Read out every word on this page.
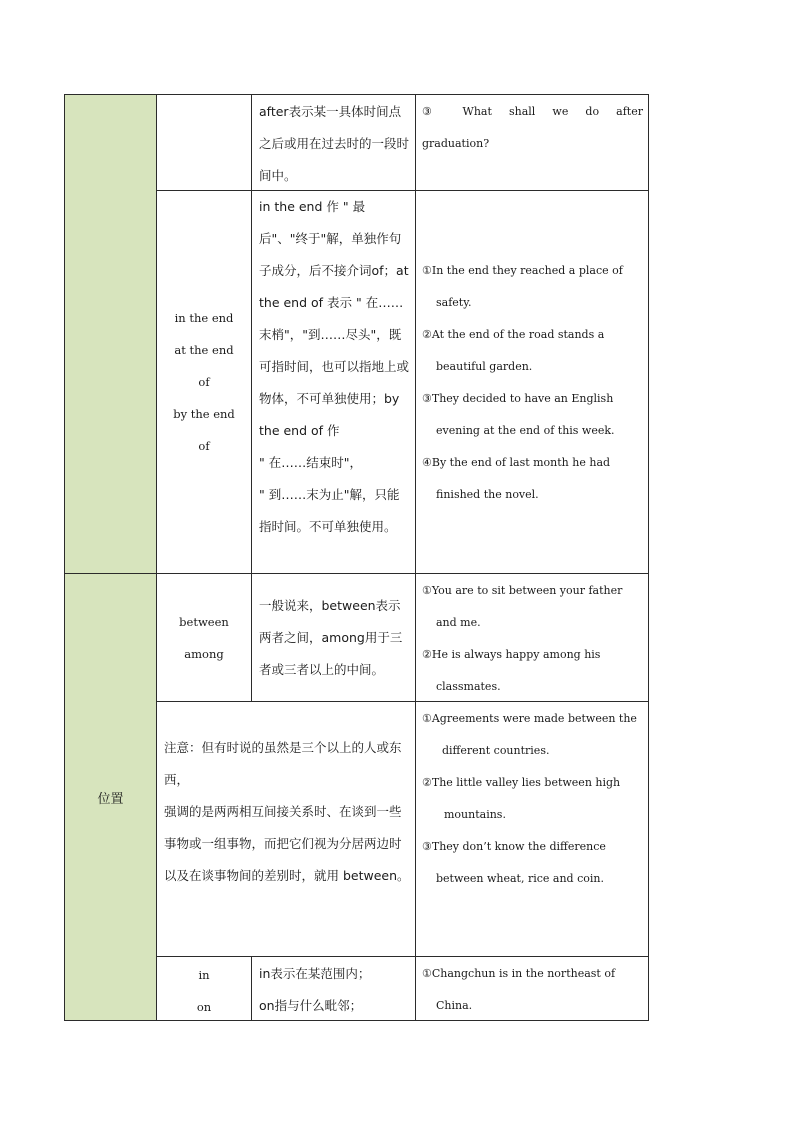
位置

after表示某一具体时间点之后或用在过去时的一段时间中。

③ What shall we do after

graduation?

in the end
at the end
of
by the end
of

in the end 作 " 最后"、"终于"解，单独作句子成分，后不接介词of；at the end of 表示 " 在……末梢"，"到……尽头"，既可指时间，也可以指地上或物体，不可单独使用；by the end of 作

" 在……结束时"，

" 到……末为止"解，只能指时间。不可单独使用。

①In the end they reached a place of safety.

②At the end of the road stands a beautiful garden.

③They decided to have an English evening at the end of this week.

④By the end of last month he had finished the novel.

between
among

一般说来，between表示两者之间，among用于三者或三者以上的中间。

①You are to sit between your father and me.

②He is always happy among his classmates.

注意：但有时说的虽然是三个以上的人或东西，

强调的是两两相互间接关系时、在谈到一些事物或一组事物，而把它们视为分居两边时以及在谈事物间的差别时，就用 between。

①Agreements were made between the

different countries.

②The little valley lies between high

mountains.

③They don’t know the difference between wheat, rice and coin.

in
on

in表示在某范围内；

on指与什么毗邻；

①Changchun is in the northeast of China.
